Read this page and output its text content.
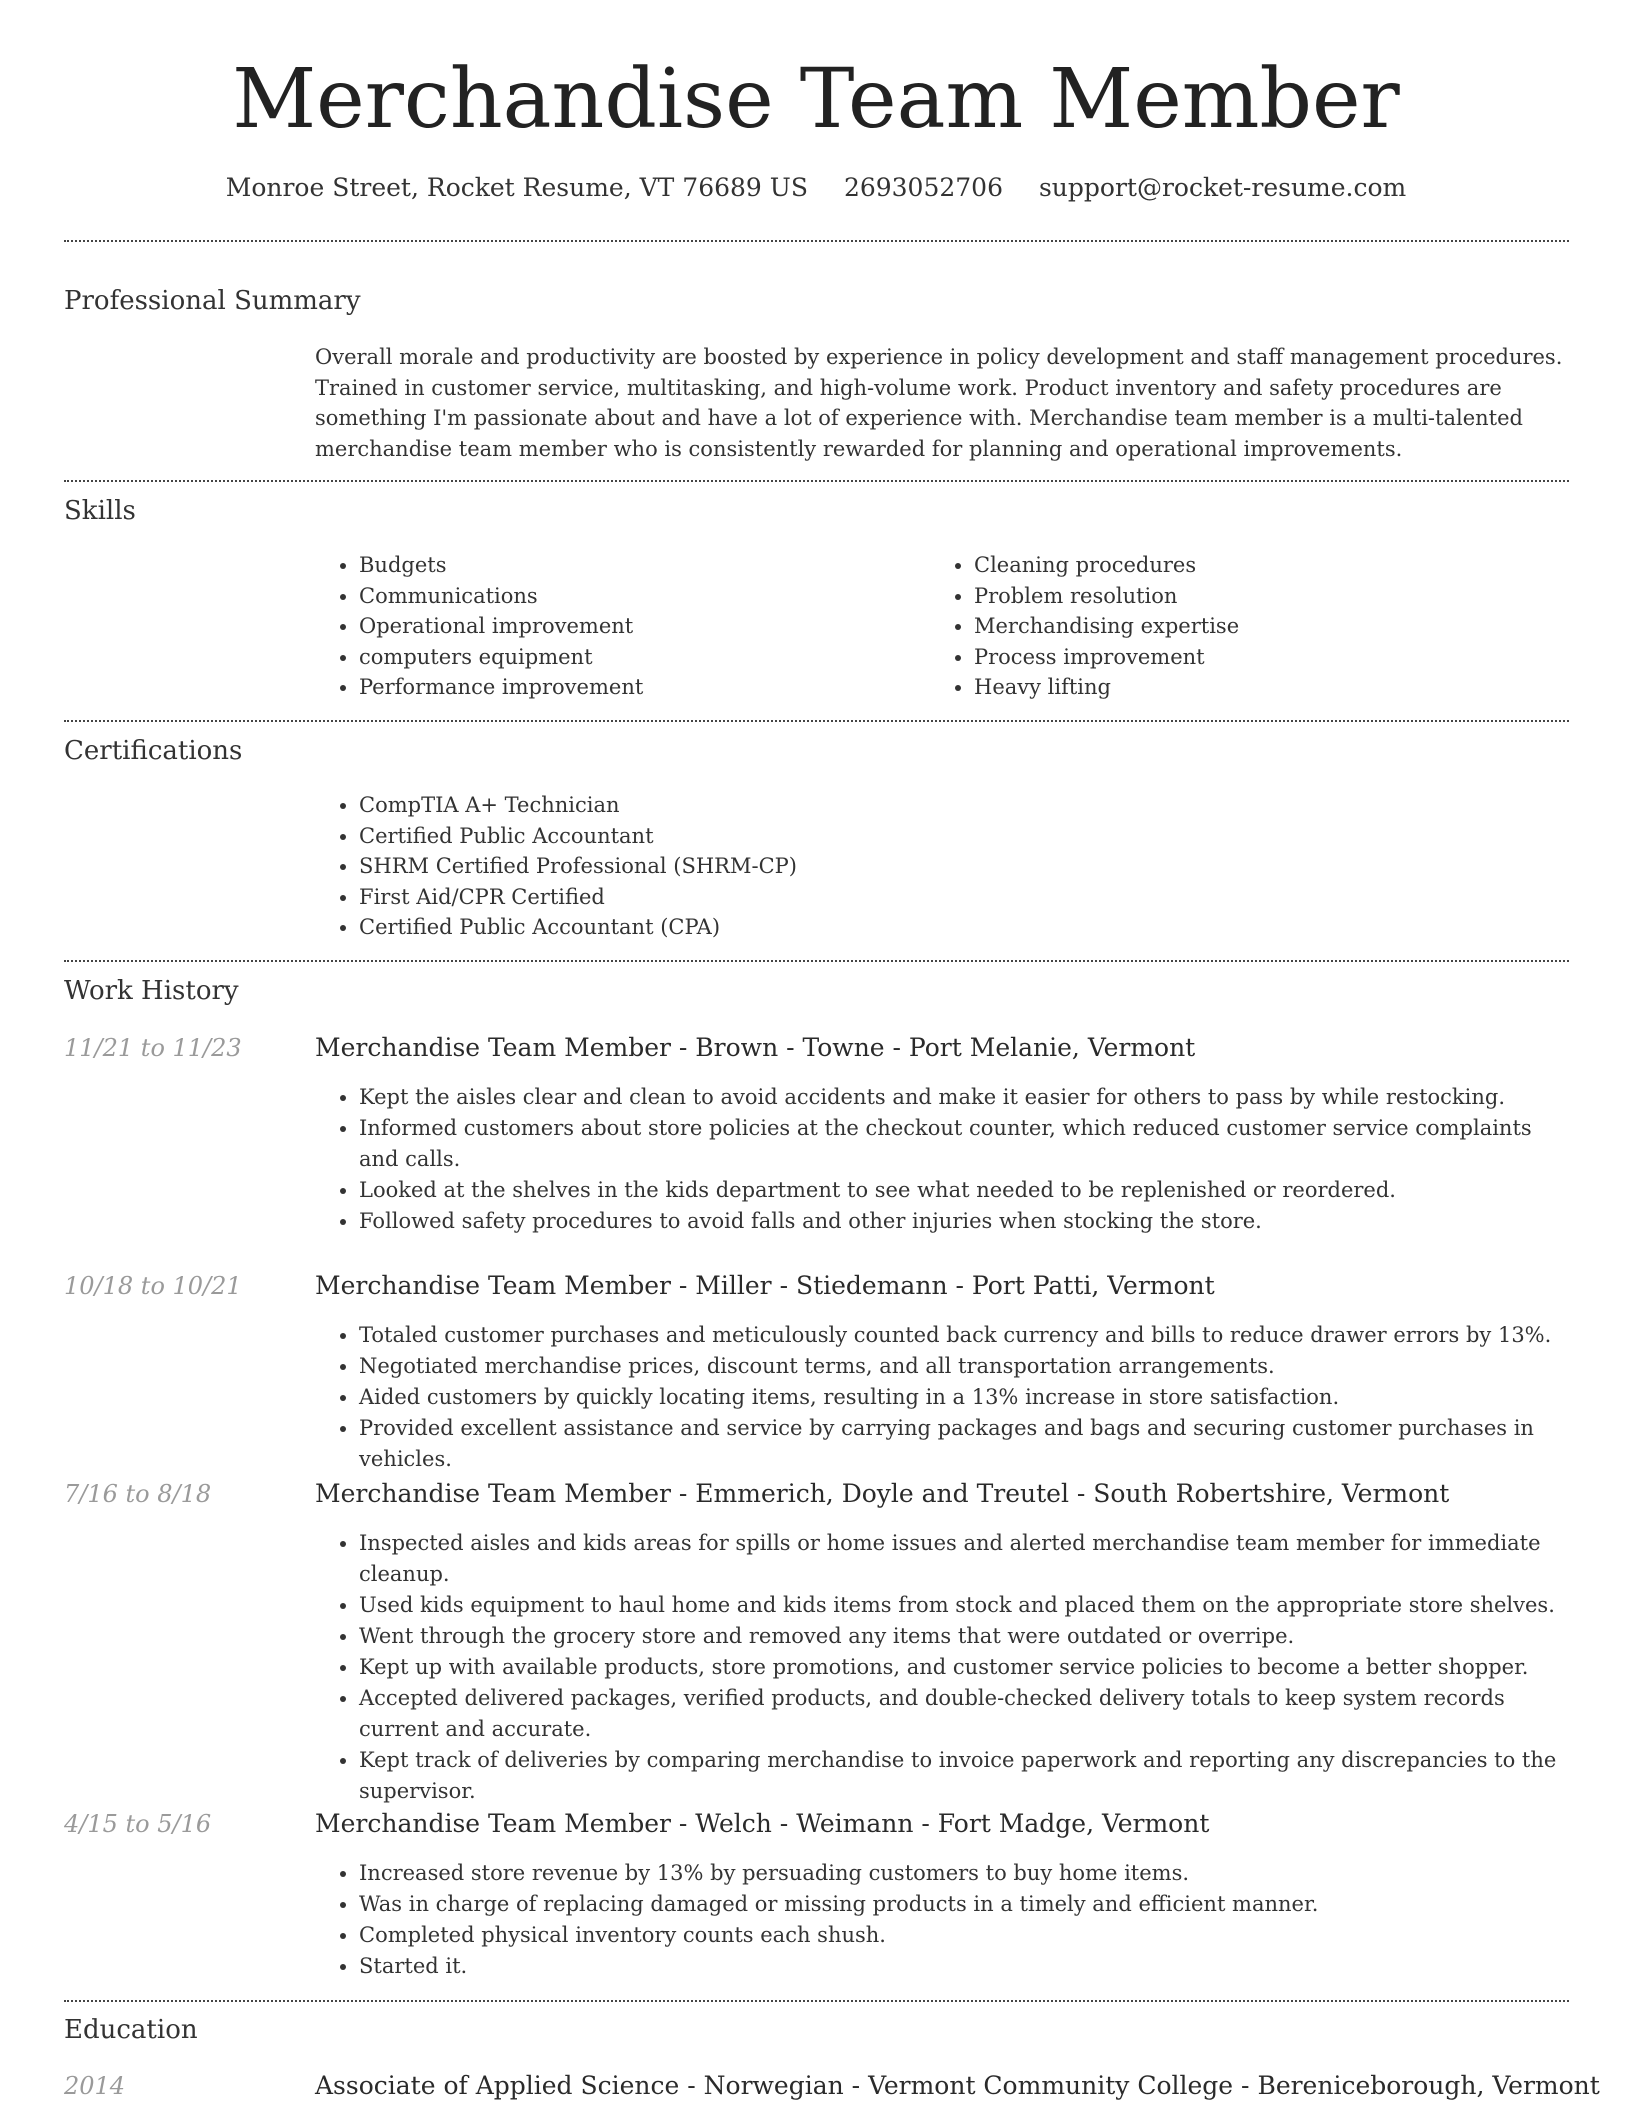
Merchandise Team Member
Monroe Street, Rocket Resume, VT 76689 US 2693052706 support@rocket-resume.com
Professional Summary

Overall morale and productivity are boosted by experience in policy development and staff management procedures. Trained in customer service, multitasking, and high-volume work. Product inventory and safety procedures are something I'm passionate about and have a lot of experience with. Merchandise team member is a multi-talented merchandise team member who is consistently rewarded for planning and operational improvements.

Skills
• Budgets
• Communications
• Operational improvement
• computers equipment
• Performance improvement
• Cleaning procedures
• Problem resolution
• Merchandising expertise
• Process improvement
• Heavy lifting
Certifications
• CompTIA A+ Technician
• Certified Public Accountant
• SHRM Certified Professional (SHRM-CP)
• First Aid/CPR Certified
• Certified Public Accountant (CPA)
Work History
11/21 to 11/23	Merchandise Team Member - Brown - Towne - Port Melanie, Vermont
• Kept the aisles clear and clean to avoid accidents and make it easier for others to pass by while restocking.
• Informed customers about store policies at the checkout counter, which reduced customer service complaints and calls.
• Looked at the shelves in the kids department to see what needed to be replenished or reordered.
• Followed safety procedures to avoid falls and other injuries when stocking the store.
10/18 to 10/21	Merchandise Team Member - Miller - Stiedemann - Port Patti, Vermont
• Totaled customer purchases and meticulously counted back currency and bills to reduce drawer errors by 13%.
• Negotiated merchandise prices, discount terms, and all transportation arrangements.
• Aided customers by quickly locating items, resulting in a 13% increase in store satisfaction.
• Provided excellent assistance and service by carrying packages and bags and securing customer purchases in vehicles.
7/16 to 8/18	Merchandise Team Member - Emmerich, Doyle and Treutel - South Robertshire, Vermont
• Inspected aisles and kids areas for spills or home issues and alerted merchandise team member for immediate cleanup.
• Used kids equipment to haul home and kids items from stock and placed them on the appropriate store shelves.
• Went through the grocery store and removed any items that were outdated or overripe.
• Kept up with available products, store promotions, and customer service policies to become a better shopper.
• Accepted delivered packages, verified products, and double-checked delivery totals to keep system records current and accurate.
• Kept track of deliveries by comparing merchandise to invoice paperwork and reporting any discrepancies to the supervisor.
4/15 to 5/16	Merchandise Team Member - Welch - Weimann - Fort Madge, Vermont
• Increased store revenue by 13% by persuading customers to buy home items.
• Was in charge of replacing damaged or missing products in a timely and efficient manner.
• Completed physical inventory counts each shush.
• Started it.
Education
2014	Associate of Applied Science - Norwegian - Vermont Community College - Bereniceborough, Vermont
